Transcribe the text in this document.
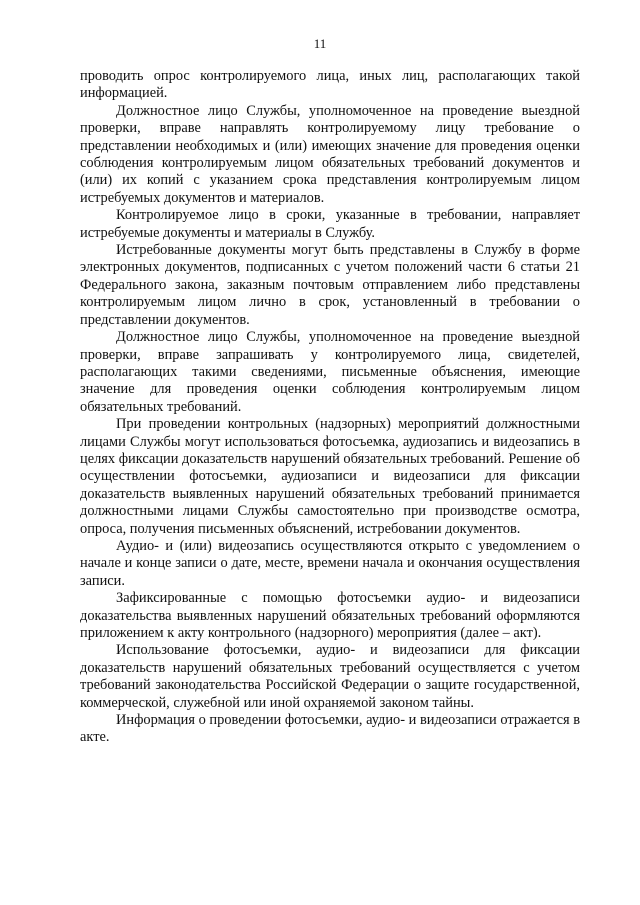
11

проводить опрос контролируемого лица, иных лиц, располагающих такой информацией.

Должностное лицо Службы, уполномоченное на проведение выездной проверки, вправе направлять контролируемому лицу требование о представлении необходимых и (или) имеющих значение для проведения оценки соблюдения контролируемым лицом обязательных требований документов и (или) их копий с указанием срока представления контролируемым лицом истребуемых документов и материалов.

Контролируемое лицо в сроки, указанные в требовании, направляет истребуемые документы и материалы в Службу.

Истребованные документы могут быть представлены в Службу в форме электронных документов, подписанных с учетом положений части 6 статьи 21 Федерального закона, заказным почтовым отправлением либо представлены контролируемым лицом лично в срок, установленный в требовании о представлении документов.

Должностное лицо Службы, уполномоченное на проведение выездной проверки, вправе запрашивать у контролируемого лица, свидетелей, располагающих такими сведениями, письменные объяснения, имеющие значение для проведения оценки соблюдения контролируемым лицом обязательных требований.

При проведении контрольных (надзорных) мероприятий должностными лицами Службы могут использоваться фотосъемка, аудиозапись и видеозапись в целях фиксации доказательств нарушений обязательных требований. Решение об осуществлении фотосъемки, аудиозаписи и видеозаписи для фиксации доказательств выявленных нарушений обязательных требований принимается должностными лицами Службы самостоятельно при производстве осмотра, опроса, получения письменных объяснений, истребовании документов.

Аудио- и (или) видеозапись осуществляются открыто с уведомлением о начале и конце записи о дате, месте, времени начала и окончания осуществления записи.

Зафиксированные с помощью фотосъемки аудио- и видеозаписи доказательства выявленных нарушений обязательных требований оформляются приложением к акту контрольного (надзорного) мероприятия (далее – акт).

Использование фотосъемки, аудио- и видеозаписи для фиксации доказательств нарушений обязательных требований осуществляется с учетом требований законодательства Российской Федерации о защите государственной, коммерческой, служебной или иной охраняемой законом тайны.

Информация о проведении фотосъемки, аудио- и видеозаписи отражается в акте.
